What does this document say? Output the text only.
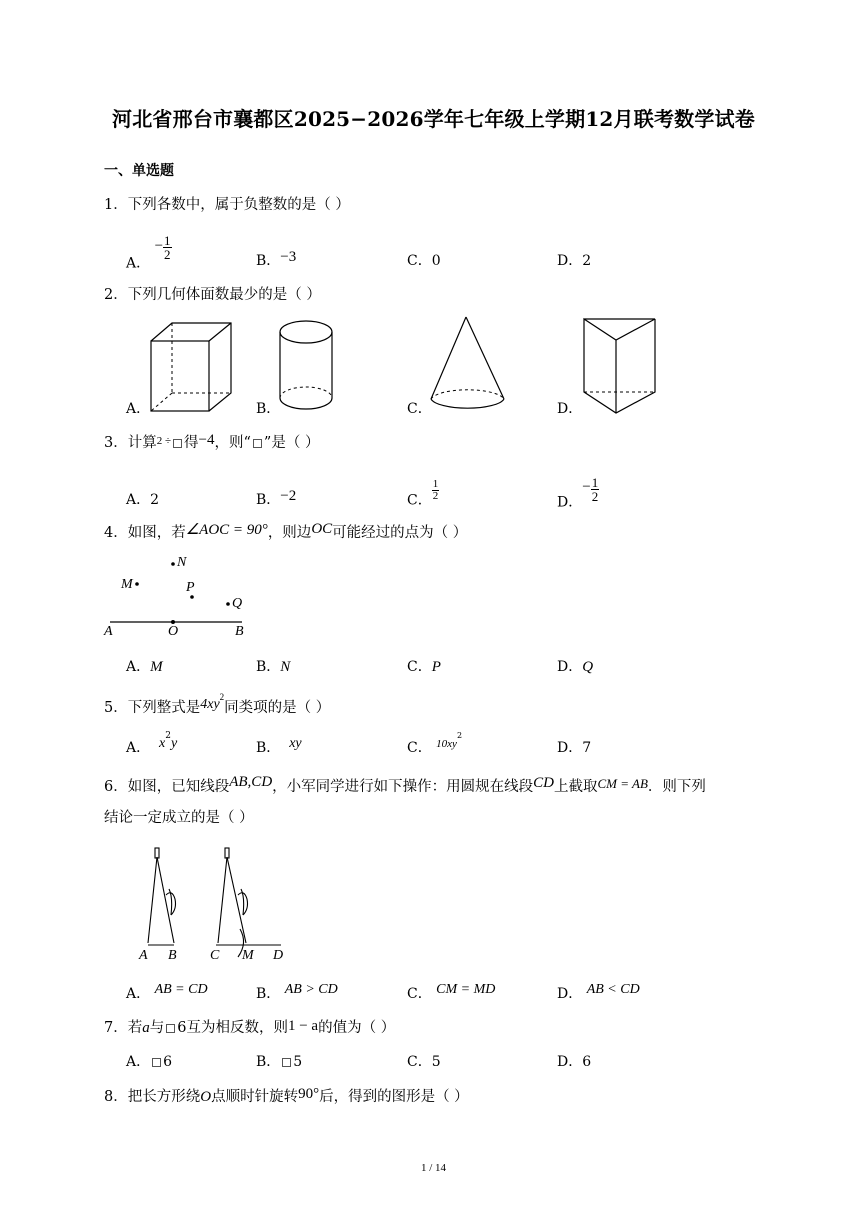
河北省邢台市襄都区2025−2026学年七年级上学期12月联考数学试卷
一、单选题
1．下列各数中，属于负整数的是（ ）
A． − $\frac{1}{2}$	B．−3	C．0	D．2
2．下列几何体面数最少的是（ ）
A．	B．	C．	D．
3．计算$^{2 \div}$ 得−4，则“ ”是（ ）
A．2	B．−2	C． $\frac{1}{2}$
D．− $\frac{1}{2}$
4．如图，若∠AOC = 90°，则边OC可能经过的点为（ ）
N
M	P
Q
A	O	B
A．M	B．N	C．P	D．Q
5．下列整式是$4xy^2$同类项的是（ ）
A． $x^2y$	B． xy	C． $^{10xy2}$
D．7
6．如图，已知线段AB,CD，小军同学进行如下操作：用圆规在线段CD上截取CM = AB．则下列
结论一定成立的是（ ）
A B C M D
A． AB = CD	B． AB > CD	C． CM = MD	D． AB < CD
7．若a与 6互为相反数，则1 − a的值为（ ）
A． 6	B． 5	C．5	D．6
8．把长方形绕O点顺时针旋转90°后，得到的图形是（ ）
1 / 14
